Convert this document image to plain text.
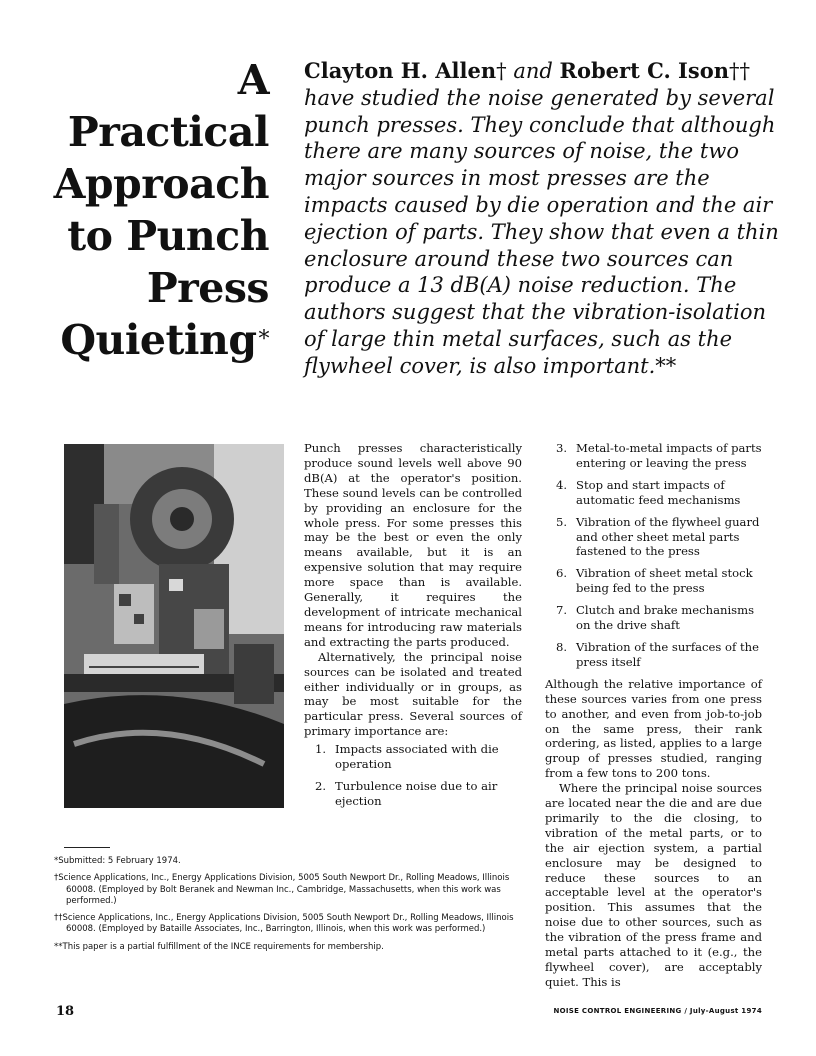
A
Practical
Approach
to Punch
Press
Quieting*
Clayton H. Allen† and Robert C. Ison†† have studied the noise generated by several punch presses. They conclude that although there are many sources of noise, the two major sources in most presses are the impacts caused by die operation and the air ejection of parts. They show that even a thin enclosure around these two sources can produce a 13 dB(A) noise reduction. The authors suggest that the vibration-isolation of large thin metal surfaces, such as the flywheel cover, is also important.**

Punch presses characteristically produce sound levels well above 90 dB(A) at the operator's position. These sound levels can be controlled by providing an enclosure for the whole press. For some presses this may be the best or even the only means available, but it is an expensive solution that may require more space than is available. Generally, it requires the development of intricate mechanical means for introducing raw materials and extracting the parts produced.

Alternatively, the principal noise sources can be isolated and treated either individually or in groups, as may be most suitable for the particular press. Several sources of primary importance are:

1. Impacts associated with die operation
2. Turbulence noise due to air ejection
3. Metal-to-metal impacts of parts entering or leaving the press
4. Stop and start impacts of automatic feed mechanisms
5. Vibration of the flywheel guard and other sheet metal parts fastened to the press
6. Vibration of sheet metal stock being fed to the press
7. Clutch and brake mechanisms on the drive shaft
8. Vibration of the surfaces of the press itself

Although the relative importance of these sources varies from one press to another, and even from job-to-job on the same press, their rank ordering, as listed, applies to a large group of presses studied, ranging from a few tons to 200 tons.

Where the principal noise sources are located near the die and are due primarily to the die closing, to vibration of the metal parts, or to the air ejection system, a partial enclosure may be designed to reduce these sources to an acceptable level at the operator's position. This assumes that the noise due to other sources, such as the vibration of the press frame and metal parts attached to it (e.g., the flywheel cover), are acceptably quiet. This is

*Submitted: 5 February 1974.

†Science Applications, Inc., Energy Applications Division, 5005 South Newport Dr., Rolling Meadows, Illinois 60008. (Employed by Bolt Beranek and Newman Inc., Cambridge, Massachusetts, when this work was performed.)

††Science Applications, Inc., Energy Applications Division, 5005 South Newport Dr., Rolling Meadows, Illinois 60008. (Employed by Bataille Associates, Inc., Barrington, Illinois, when this work was performed.)

**This paper is a partial fulfillment of the INCE requirements for membership.

18	NOISE CONTROL ENGINEERING / July-August 1974
